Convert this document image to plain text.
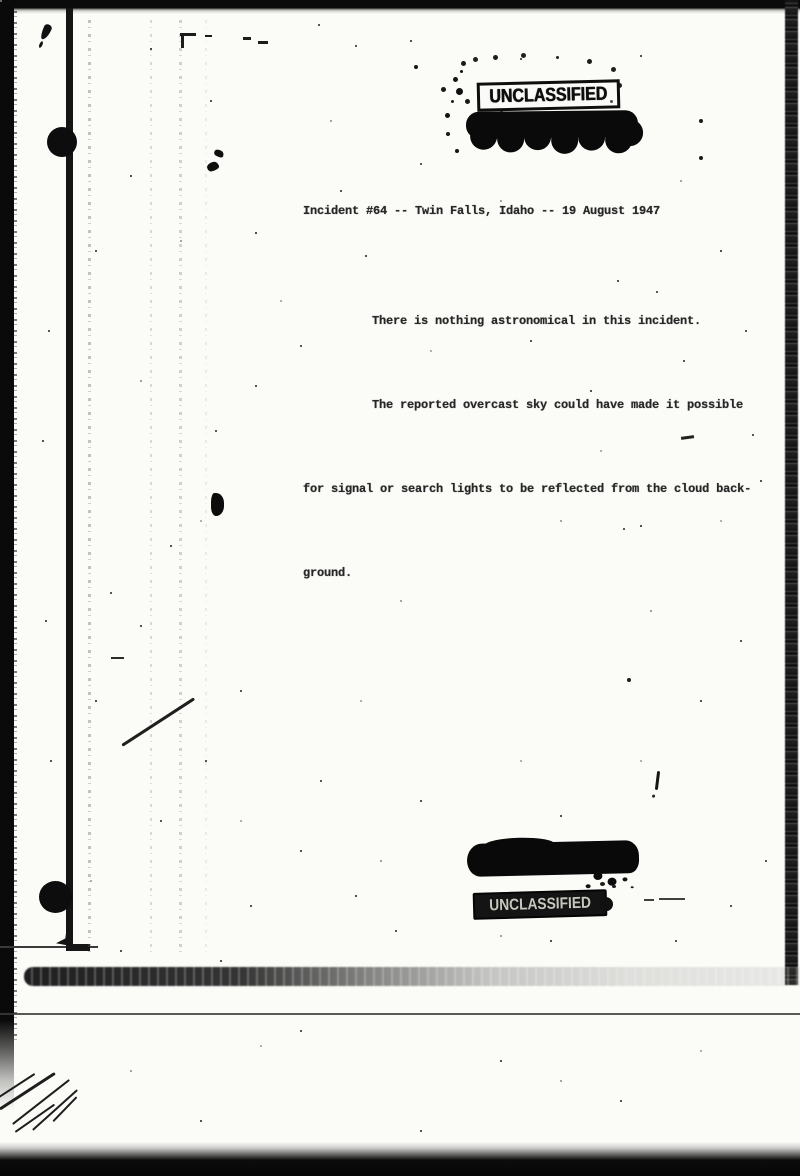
UNCLASSIFIED
Incident #64 -- Twin Falls, Idaho -- 19 August 1947

There is nothing astronomical in this incident.

The reported overcast sky could have made it possible

for signal or search lights to be reflected from the cloud back-

ground.

UNCLASSIFIED
